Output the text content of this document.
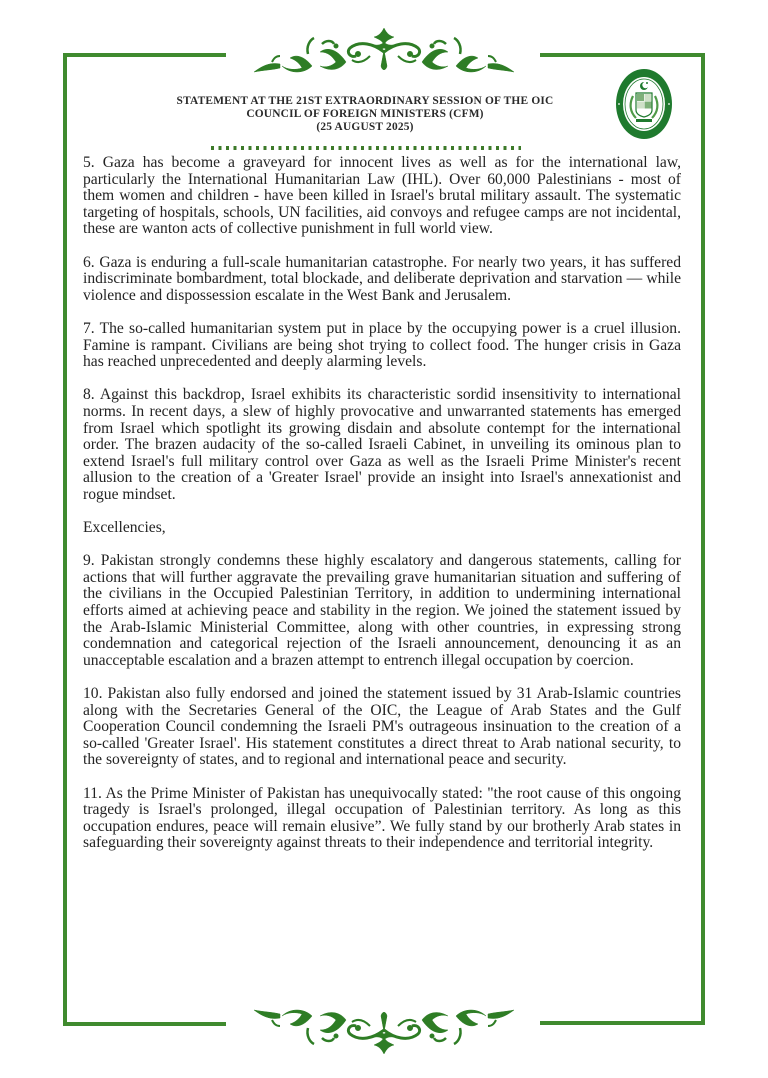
STATEMENT AT THE 21ST EXTRAORDINARY SESSION OF THE OIC
COUNCIL OF FOREIGN MINISTERS (CFM)
(25 AUGUST 2025)

5. Gaza has become a graveyard for innocent lives as well as for the international law, particularly the International Humanitarian Law (IHL). Over 60,000 Palestinians - most of them women and children - have been killed in Israel's brutal military assault. The systematic targeting of hospitals, schools, UN facilities, aid convoys and refugee camps are not incidental, these are wanton acts of collective punishment in full world view.

6. Gaza is enduring a full-scale humanitarian catastrophe. For nearly two years, it has suffered indiscriminate bombardment, total blockade, and deliberate deprivation and starvation — while violence and dispossession escalate in the West Bank and Jerusalem.

7. The so-called humanitarian system put in place by the occupying power is a cruel illusion. Famine is rampant. Civilians are being shot trying to collect food. The hunger crisis in Gaza has reached unprecedented and deeply alarming levels.

8. Against this backdrop, Israel exhibits its characteristic sordid insensitivity to international norms. In recent days, a slew of highly provocative and unwarranted statements has emerged from Israel which spotlight its growing disdain and absolute contempt for the international order. The brazen audacity of the so-called Israeli Cabinet, in unveiling its ominous plan to extend Israel's full military control over Gaza as well as the Israeli Prime Minister's recent allusion to the creation of a 'Greater Israel' provide an insight into Israel's annexationist and rogue mindset.

Excellencies,

9. Pakistan strongly condemns these highly escalatory and dangerous statements, calling for actions that will further aggravate the prevailing grave humanitarian situation and suffering of the civilians in the Occupied Palestinian Territory, in addition to undermining international efforts aimed at achieving peace and stability in the region. We joined the statement issued by the Arab-Islamic Ministerial Committee, along with other countries, in expressing strong condemnation and categorical rejection of the Israeli announcement, denouncing it as an unacceptable escalation and a brazen attempt to entrench illegal occupation by coercion.

10. Pakistan also fully endorsed and joined the statement issued by 31 Arab-Islamic countries along with the Secretaries General of the OIC, the League of Arab States and the Gulf Cooperation Council condemning the Israeli PM's outrageous insinuation to the creation of a so-called 'Greater Israel'. His statement constitutes a direct threat to Arab national security, to the sovereignty of states, and to regional and international peace and security.

11. As the Prime Minister of Pakistan has unequivocally stated: "the root cause of this ongoing tragedy is Israel's prolonged, illegal occupation of Palestinian territory. As long as this occupation endures, peace will remain elusive”. We fully stand by our brotherly Arab states in safeguarding their sovereignty against threats to their independence and territorial integrity.
